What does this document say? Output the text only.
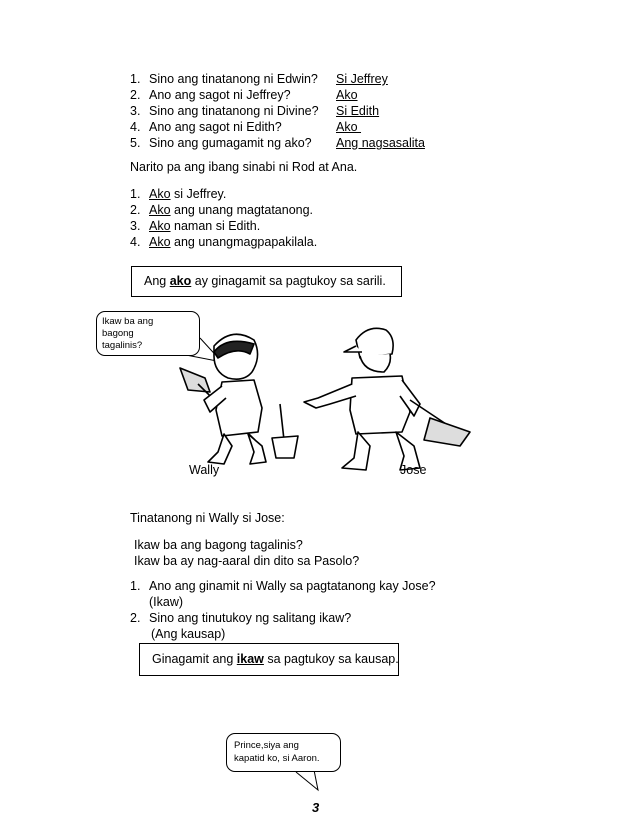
1. Sino ang tinatanong ni Edwin? Si Jeffrey
2. Ano ang sagot ni Jeffrey?	Ako
3. Sino ang tinatanong ni Divine? Si Edith
4. Ano ang sagot ni Edith?	Ako
5. Sino ang gumagamit ng ako? Ang nagsasalita
Narito pa ang ibang sinabi ni Rod at Ana.
1. Ako si Jeffrey.
2. Ako ang unang magtatanong.
3. Ako naman si Edith.
4. Ako ang unangmagpapakilala.
Ang ako ay ginagamit sa pagtukoy sa sarili.
Ikaw ba ang
bagong
tagalinis?
Wally	Jose
Tinatanong ni Wally si Jose:
Ikaw ba ang bagong tagalinis?
Ikaw ba ay nag-aaral din dito sa Pasolo?
1. Ano ang ginamit ni Wally sa pagtatanong kay Jose?
(Ikaw)
2. Sino ang tinutukoy ng salitang ikaw?
(Ang kausap)
Ginagamit ang ikaw sa pagtukoy sa kausap.
Prince,siya ang
kapatid ko, si Aaron.
3
